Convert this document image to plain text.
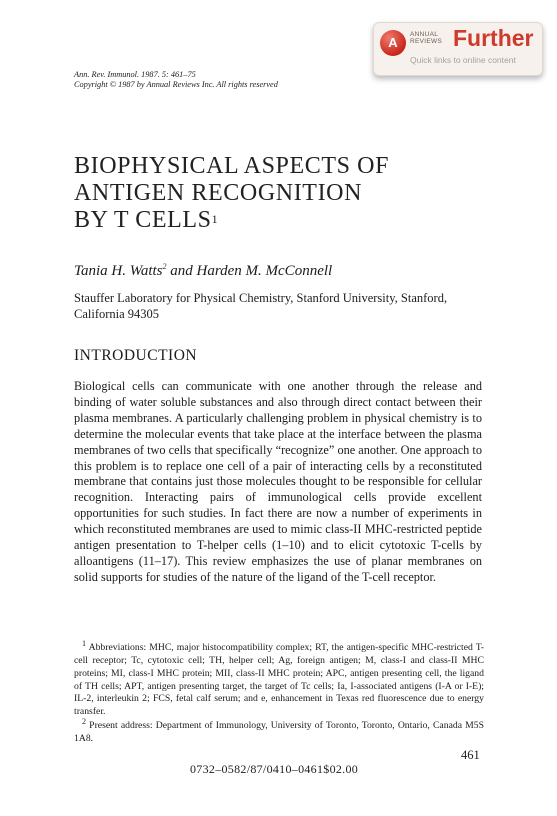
A
ANNUAL
REVIEWS Further
Quick links to online content
Ann. Rev. Immunol. 1987. 5: 461–75
Copyright © 1987 by Annual Reviews Inc. All rights reserved
BIOPHYSICAL ASPECTS OF
ANTIGEN RECOGNITION
BY T CELLS$^1$
Tania H. Watts$^2$ and Harden M. McConnell
Stauffer Laboratory for Physical Chemistry, Stanford University, Stanford, California 94305
INTRODUCTION
Biological cells can communicate with one another through the release and binding of water soluble substances and also through direct contact between their plasma membranes. A particularly challenging problem in physical chemistry is to determine the molecular events that take place at the interface between the plasma membranes of two cells that specifically “recognize” one another. One approach to this problem is to replace one cell of a pair of interacting cells by a reconstituted membrane that contains just those molecules thought to be responsible for cellular recognition. Interacting pairs of immunological cells provide excellent opportunities for such studies. In fact there are now a number of experiments in which reconstituted membranes are used to mimic class-II MHC-restricted peptide antigen presentation to T-helper cells (1–10) and to elicit cytotoxic T-cells by alloantigens (11–17). This review emphasizes the use of planar membranes on solid supports for studies of the nature of the ligand of the T-cell receptor.
$^1$ Abbreviations: MHC, major histocompatibility complex; RT, the antigen-specific MHC-restricted T-cell receptor; Tc, cytotoxic cell; TH, helper cell; Ag, foreign antigen; M, class-I and class-II MHC proteins; MI, class-I MHC protein; MII, class-II MHC protein; APC, antigen presenting cell, the ligand of TH cells; APT, antigen presenting target, the target of Tc cells; Ia, I-associated antigens (I-A or I-E); IL-2, interleukin 2; FCS, fetal calf serum; and e, enhancement in Texas red fluorescence due to energy transfer.
$^2$ Present address: Department of Immunology, University of Toronto, Toronto, Ontario, Canada M5S 1A8.
461
0732–0582/87/0410–0461$02.00
